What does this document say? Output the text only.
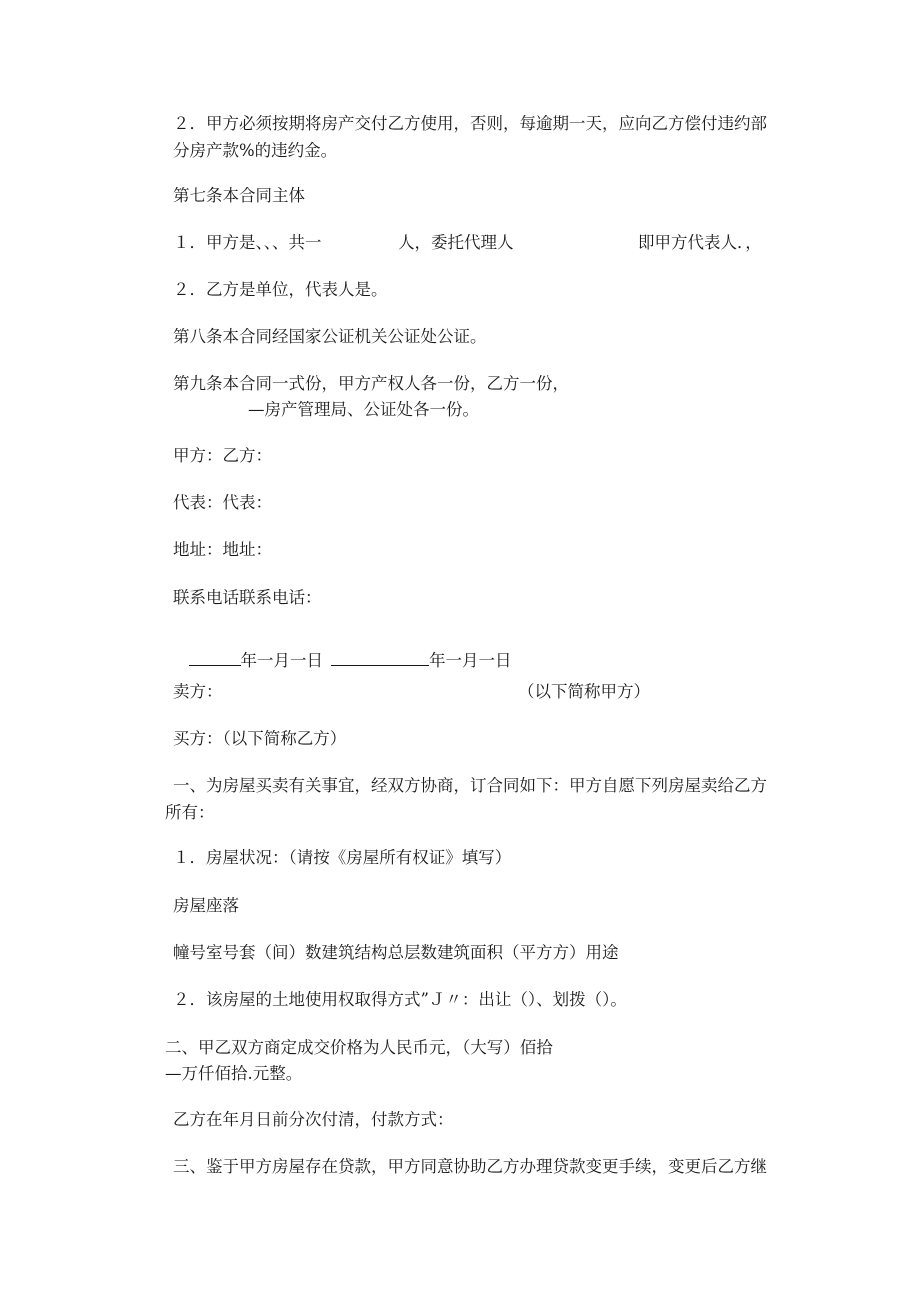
２．甲方必须按期将房产交付乙方使用，否则，每逾期一天，应向乙方偿付违约部
分房产款%的违约金。
第七条本合同主体
１．甲方是、、、共一	人，委托代理人	即甲方代表人．，
２．乙方是单位，代表人是。
第八条本合同经国家公证机关公证处公证。
第九条本合同一式份，甲方产权人各一份，乙方一份，
—房产管理局、公证处各一份。
甲方：乙方：
代表：代表：
地址：地址：
联系电话联系电话：

年一月一日	年一月一日

卖方：	（以下简称甲方）
买方：（以下简称乙方）
一、为房屋买卖有关事宜，经双方协商，订合同如下：甲方自愿下列房屋卖给乙方
所有：
１．房屋状况：（请按《房屋所有权证》填写）
房屋座落
幢号室号套（间）数建筑结构总层数建筑面积（平方方）用途
２．该房屋的土地使用权取得方式”Ｊ〃：出让（）、划拨（）。
二、甲乙双方商定成交价格为人民币元，（大写）佰拾
—万仟佰拾.元整。
乙方在年月日前分次付清，付款方式：
三、鉴于甲方房屋存在贷款，甲方同意协助乙方办理贷款变更手续，变更后乙方继
